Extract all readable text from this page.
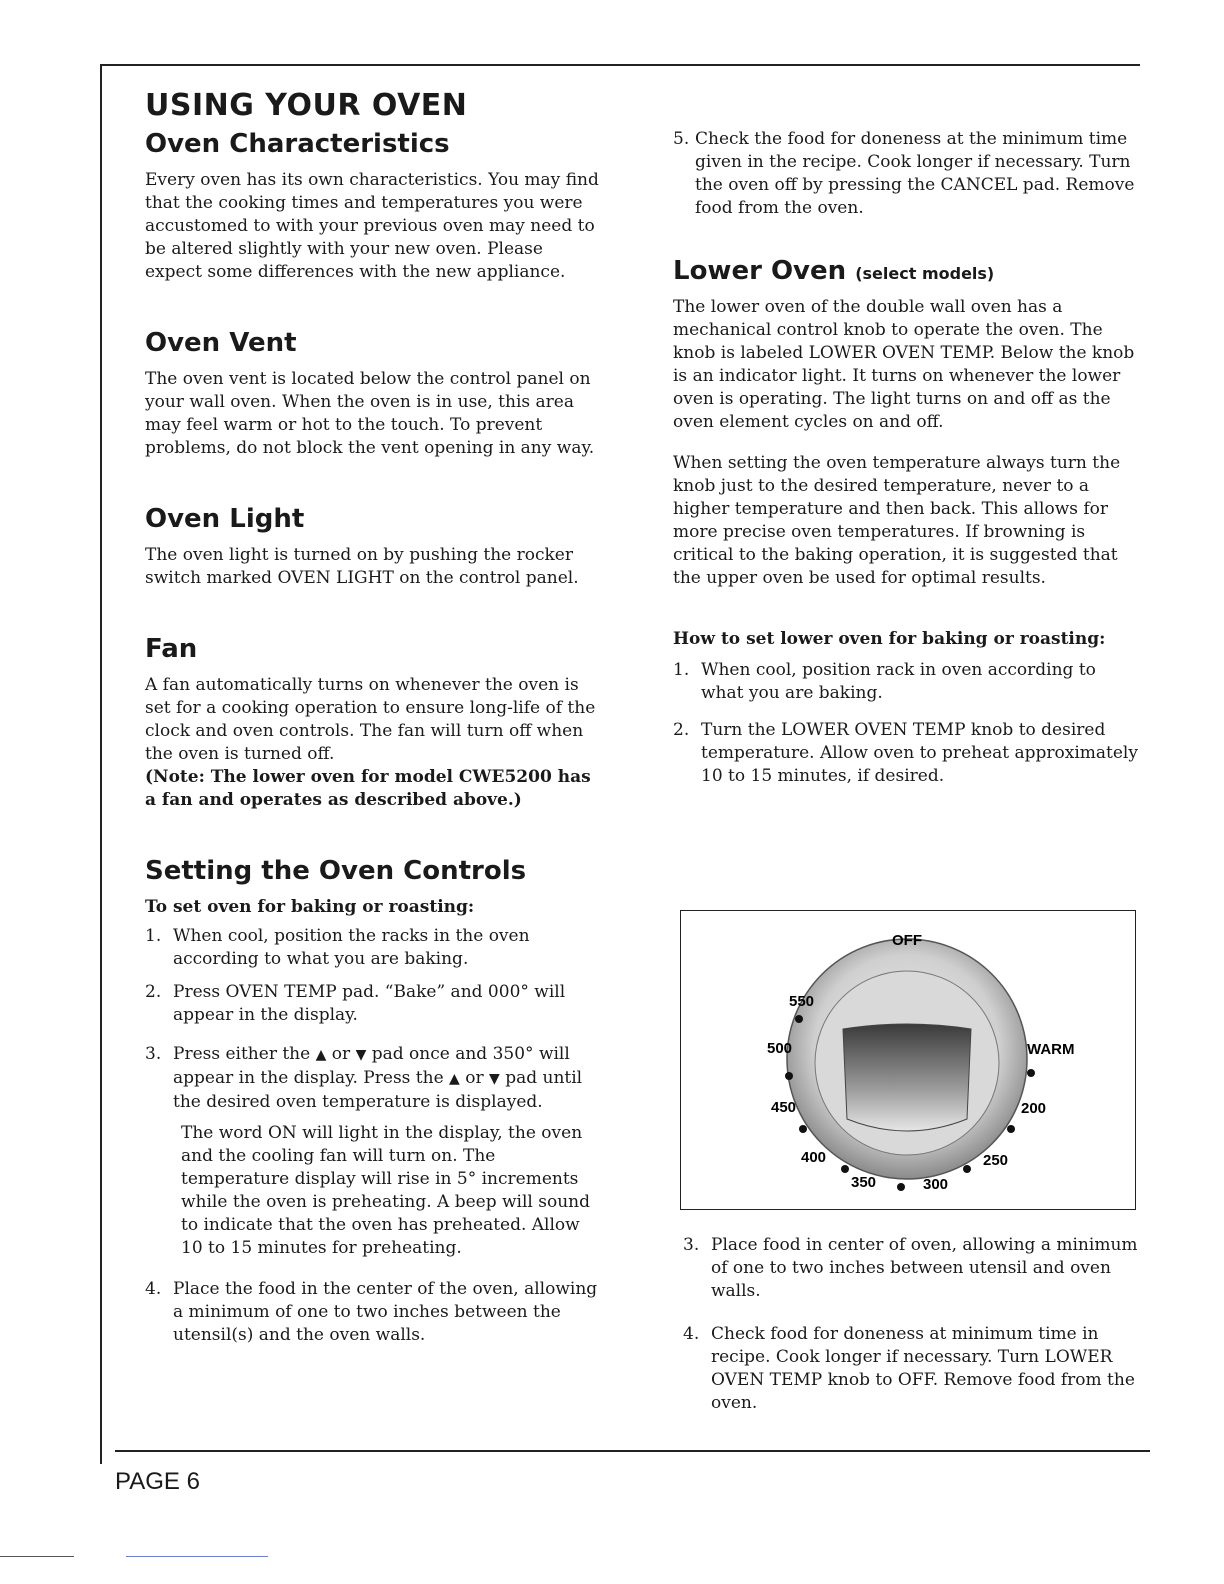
USING YOUR OVEN
Oven Characteristics

Every oven has its own characteristics. You may find that the cooking times and temperatures you were accustomed to with your previous oven may need to be altered slightly with your new oven. Please expect some differences with the new appliance.

Oven Vent

The oven vent is located below the control panel on your wall oven. When the oven is in use, this area may feel warm or hot to the touch. To prevent problems, do not block the vent opening in any way.

Oven Light

The oven light is turned on by pushing the rocker switch marked OVEN LIGHT on the control panel.

Fan

A fan automatically turns on whenever the oven is set for a cooking operation to ensure long-life of the clock and oven controls. The fan will turn off when the oven is turned off.

(Note: The lower oven for model CWE5200 has a fan and operates as described above.)

Setting the Oven Controls

To set oven for baking or roasting:

1. When cool, position the racks in the oven according to what you are baking.
2. Press OVEN TEMP pad. “Bake” and 000° will appear in the display.
3. Press either the ▲ or ▼ pad once and 350° will appear in the display. Press the ▲ or ▼ pad until the desired oven temperature is displayed.

The word ON will light in the display, the oven and the cooling fan will turn on. The temperature display will rise in 5° increments while the oven is preheating. A beep will sound to indicate that the oven has preheated. Allow 10 to 15 minutes for preheating.

4. Place the food in the center of the oven, allowing a minimum of one to two inches between the utensil(s) and the oven walls.
5. Check the food for doneness at the minimum time given in the recipe. Cook longer if necessary. Turn the oven off by pressing the CANCEL pad. Remove food from the oven.
Lower Oven (select models)

The lower oven of the double wall oven has a mechanical control knob to operate the oven. The knob is labeled LOWER OVEN TEMP. Below the knob is an indicator light. It turns on whenever the lower oven is operating. The light turns on and off as the oven element cycles on and off.

When setting the oven temperature always turn the knob just to the desired temperature, never to a higher temperature and then back. This allows for more precise oven temperatures. If browning is critical to the baking operation, it is suggested that the upper oven be used for optimal results.

How to set lower oven for baking or roasting:

1. When cool, position rack in oven according to what you are baking.
2. Turn the LOWER OVEN TEMP knob to desired temperature. Allow oven to preheat approximately 10 to 15 minutes, if desired.
OFF
WARM
550
500
450
400
350	300
250
200
3. Place food in center of oven, allowing a minimum of one to two inches between utensil and oven walls.
4. Check food for doneness at minimum time in recipe. Cook longer if necessary. Turn LOWER OVEN TEMP knob to OFF. Remove food from the oven.
PAGE 6
